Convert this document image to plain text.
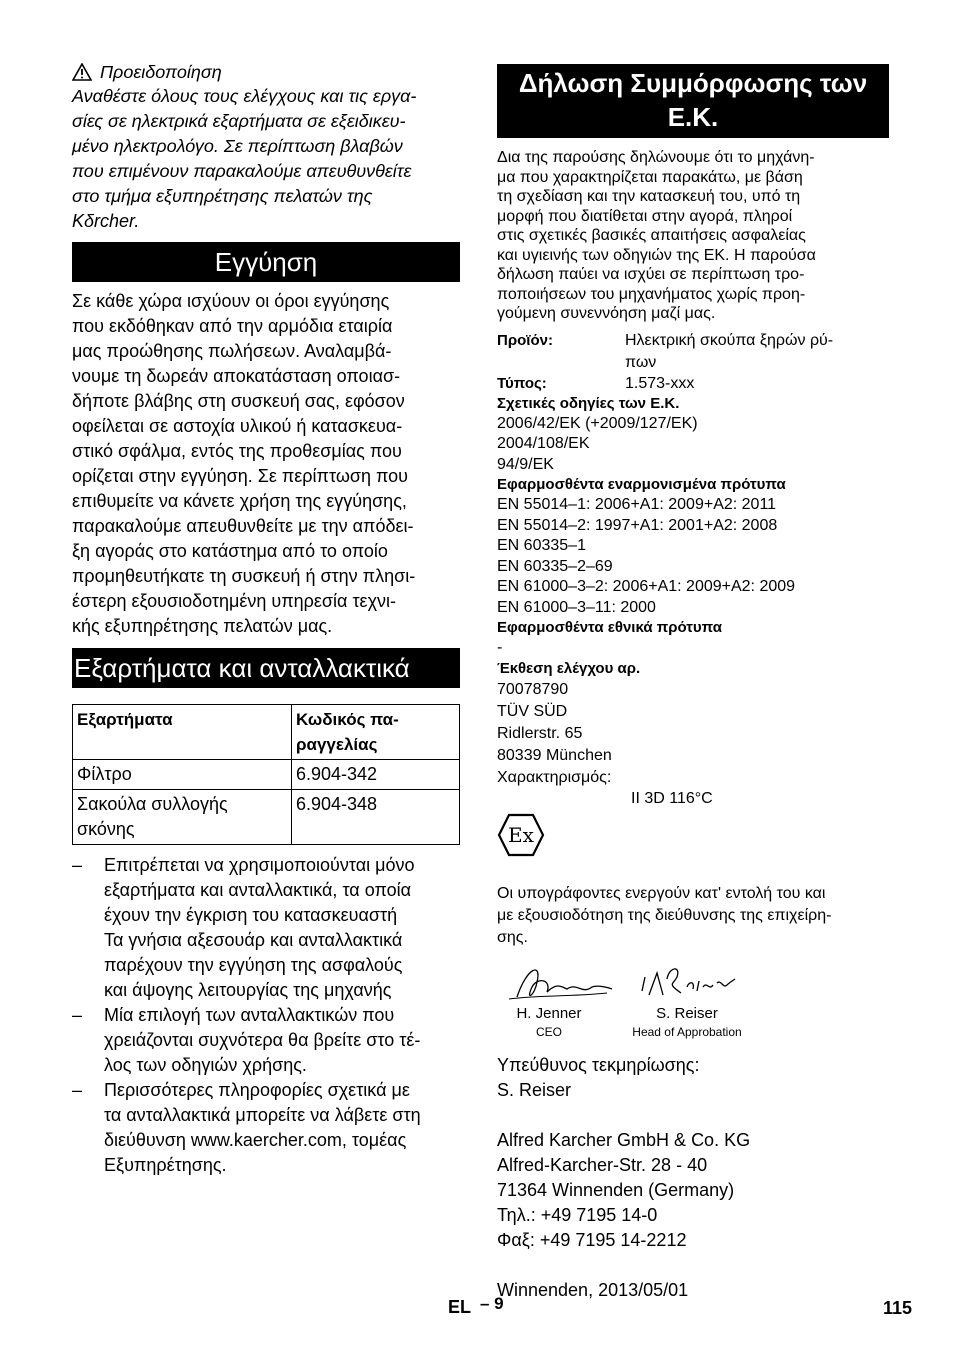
Προειδοποίηση

Αναθέστε όλους τους ελέγχους και τις εργα-
σίες σε ηλεκτρικά εξαρτήματα σε εξειδικευ-
μένο ηλεκτρολόγο. Σε περίπτωση βλαβών
που επιμένουν παρακαλούμε απευθυνθείτε
στο τμήμα εξυπηρέτησης πελατών της
Kδrcher.

Εγγύηση

Σε κάθε χώρα ισχύουν οι όροι εγγύησης
που εκδόθηκαν από την αρμόδια εταιρία
μας προώθησης πωλήσεων. Αναλαμβά-
νουμε τη δωρεάν αποκατάσταση οποιασ-
δήποτε βλάβης στη συσκευή σας, εφόσον
οφείλεται σε αστοχία υλικού ή κατασκευα-
στικό σφάλμα, εντός της προθεσμίας που
ορίζεται στην εγγύηση. Σε περίπτωση που
επιθυμείτε να κάνετε χρήση της εγγύησης,
παρακαλούμε απευθυνθείτε με την απόδει-
ξη αγοράς στο κατάστημα από το οποίο
προμηθευτήκατε τη συσκευή ή στην πλησι-
έστερη εξουσιοδοτημένη υπηρεσία τεχνι-
κής εξυπηρέτησης πελατών μας.

Εξαρτήματα και ανταλλακτικά
Εξαρτήματα	Κωδικός πα-
ραγγελίας
Φίλτρο	6.904-342
Σακούλα συλλογής
σκόνης	6.904-348
– Επιτρέπεται να χρησιμοποιούνται μόνο
εξαρτήματα και ανταλλακτικά, τα οποία
έχουν την έγκριση του κατασκευαστή
Τα γνήσια αξεσουάρ και ανταλλακτικά
παρέχουν την εγγύηση της ασφαλούς
και άψογης λειτουργίας της μηχανής
– Μία επιλογή των ανταλλακτικών που
χρειάζονται συχνότερα θα βρείτε στο τέ-
λος των οδηγιών χρήσης.
– Περισσότερες πληροφορίες σχετικά με
τα ανταλλακτικά μπορείτε να λάβετε στη
διεύθυνση www.kaercher.com, τομέας
Εξυπηρέτησης.
Δήλωση Συμμόρφωσης των
Ε.Κ.

Δια της παρούσης δηλώνουμε ότι το μηχάνη-
μα που χαρακτηρίζεται παρακάτω, με βάση
τη σχεδίαση και την κατασκευή του, υπό τη
μορφή που διατίθεται στην αγορά, πληροί
στις σχετικές βασικές απαιτήσεις ασφαλείας
και υγιεινής των οδηγιών της ΕΚ. Η παρούσα
δήλωση παύει να ισχύει σε περίπτωση τρο-
ποποιήσεων του μηχανήματος χωρίς προη-
γούμενη συνεννόηση μαζί μας.

Προϊόν:	Ηλεκτρική σκούπα ξηρών ρύ-
πων
Τύπος:	1.573-xxx
Σχετικές οδηγίες των Ε.Κ.
2006/42/EK (+2009/127/EK)
2004/108/EK
94/9/EK
Εφαρμοσθέντα εναρμονισμένα πρότυπα
EN 55014–1: 2006+A1: 2009+A2: 2011
EN 55014–2: 1997+A1: 2001+A2: 2008
EN 60335–1
EN 60335–2–69
EN 61000–3–2: 2006+A1: 2009+A2: 2009
EN 61000–3–11: 2000
Εφαρμοσθέντα εθνικά πρότυπα
-
Έκθεση ελέγχου αρ.
70078790
TÜV SÜD
Ridlerstr. 65
80339 München
Χαρακτηρισμός:
II 3D 116°C
Ex

Οι υπογράφοντες ενεργούν κατ' εντολή του και
με εξουσιοδότηση της διεύθυνσης της επιχείρη-
σης.

H. Jenner
CEO
S. Reiser
Head of Approbation
Υπεύθυνος τεκμηρίωσης:
S. Reiser
Alfred Karcher GmbH & Co. KG
Alfred-Karcher-Str. 28 - 40
71364 Winnenden (Germany)
Τηλ.: +49 7195 14-0
Φαξ: +49 7195 14-2212
Winnenden, 2013/05/01
EL – 9	115
